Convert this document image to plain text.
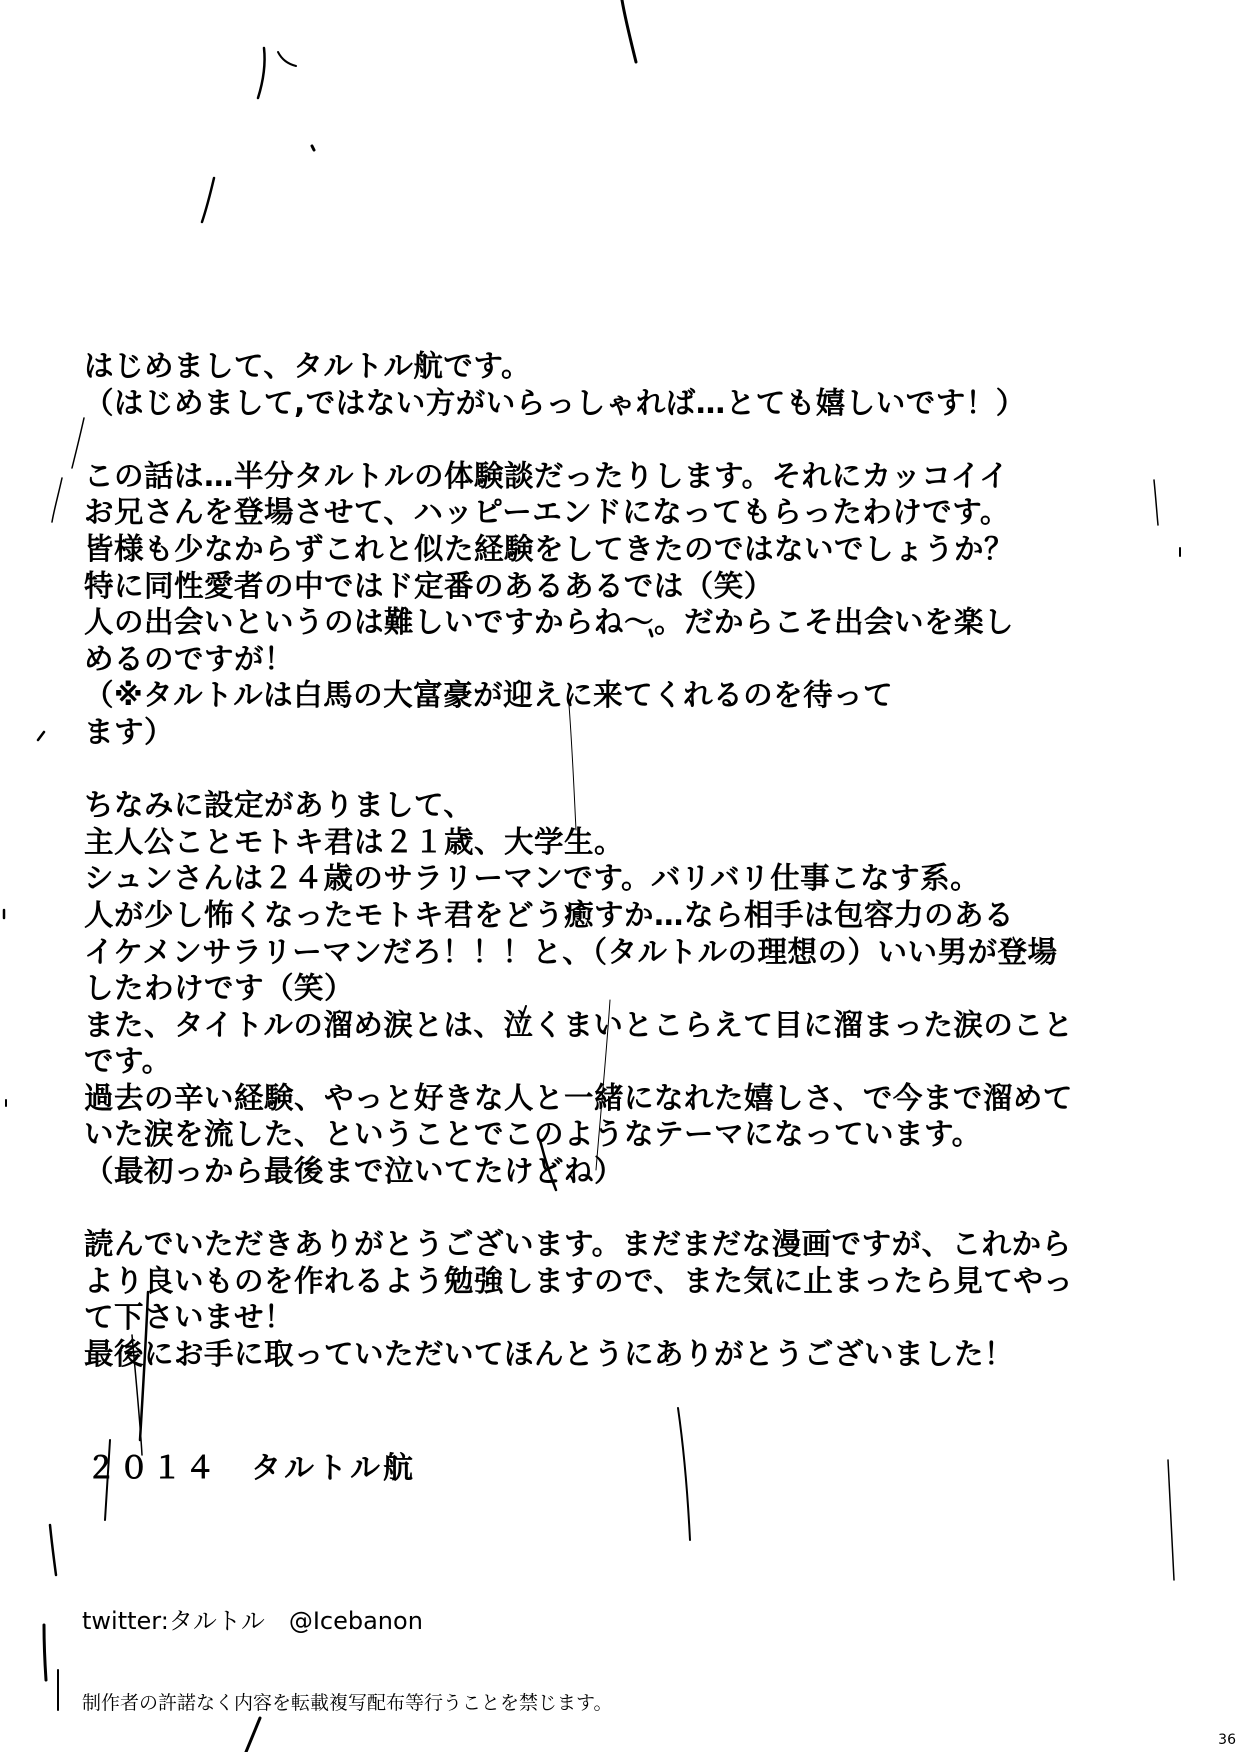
はじめまして、タルトル航です。
（はじめまして,ではない方がいらっしゃれば…とても嬉しいです！）

この話は…半分タルトルの体験談だったりします。それにカッコイイ
お兄さんを登場させて、ハッピーエンドになってもらったわけです。
皆様も少なからずこれと似た経験をしてきたのではないでしょうか？
特に同性愛者の中ではド定番のあるあるでは（笑）
人の出会いというのは難しいですからね〜。だからこそ出会いを楽し
めるのですが！
（※タルトルは白馬の大富豪が迎えに来てくれるのを待って
ます）

ちなみに設定がありまして、
主人公ことモトキ君は２１歳、大学生。
シュンさんは２４歳のサラリーマンです。バリバリ仕事こなす系。
人が少し怖くなったモトキ君をどう癒すか…なら相手は包容力のある
イケメンサラリーマンだろ！！！と、（タルトルの理想の）いい男が登場
したわけです（笑）
また、タイトルの溜め涙とは、泣くまいとこらえて目に溜まった涙のこと
です。
過去の辛い経験、やっと好きな人と一緒になれた嬉しさ、で今まで溜めて
いた涙を流した、ということでこのようなテーマになっています。
（最初っから最後まで泣いてたけどね）

読んでいただきありがとうございます。まだまだな漫画ですが、これから
より良いものを作れるよう勉強しますので、また気に止まったら見てやっ
て下さいませ！
最後にお手に取っていただいてほんとうにありがとうございました！

２０１４　タルトル航
twitter:タルトル　@Icebanon
制作者の許諾なく内容を転載複写配布等行うことを禁じます。
36
